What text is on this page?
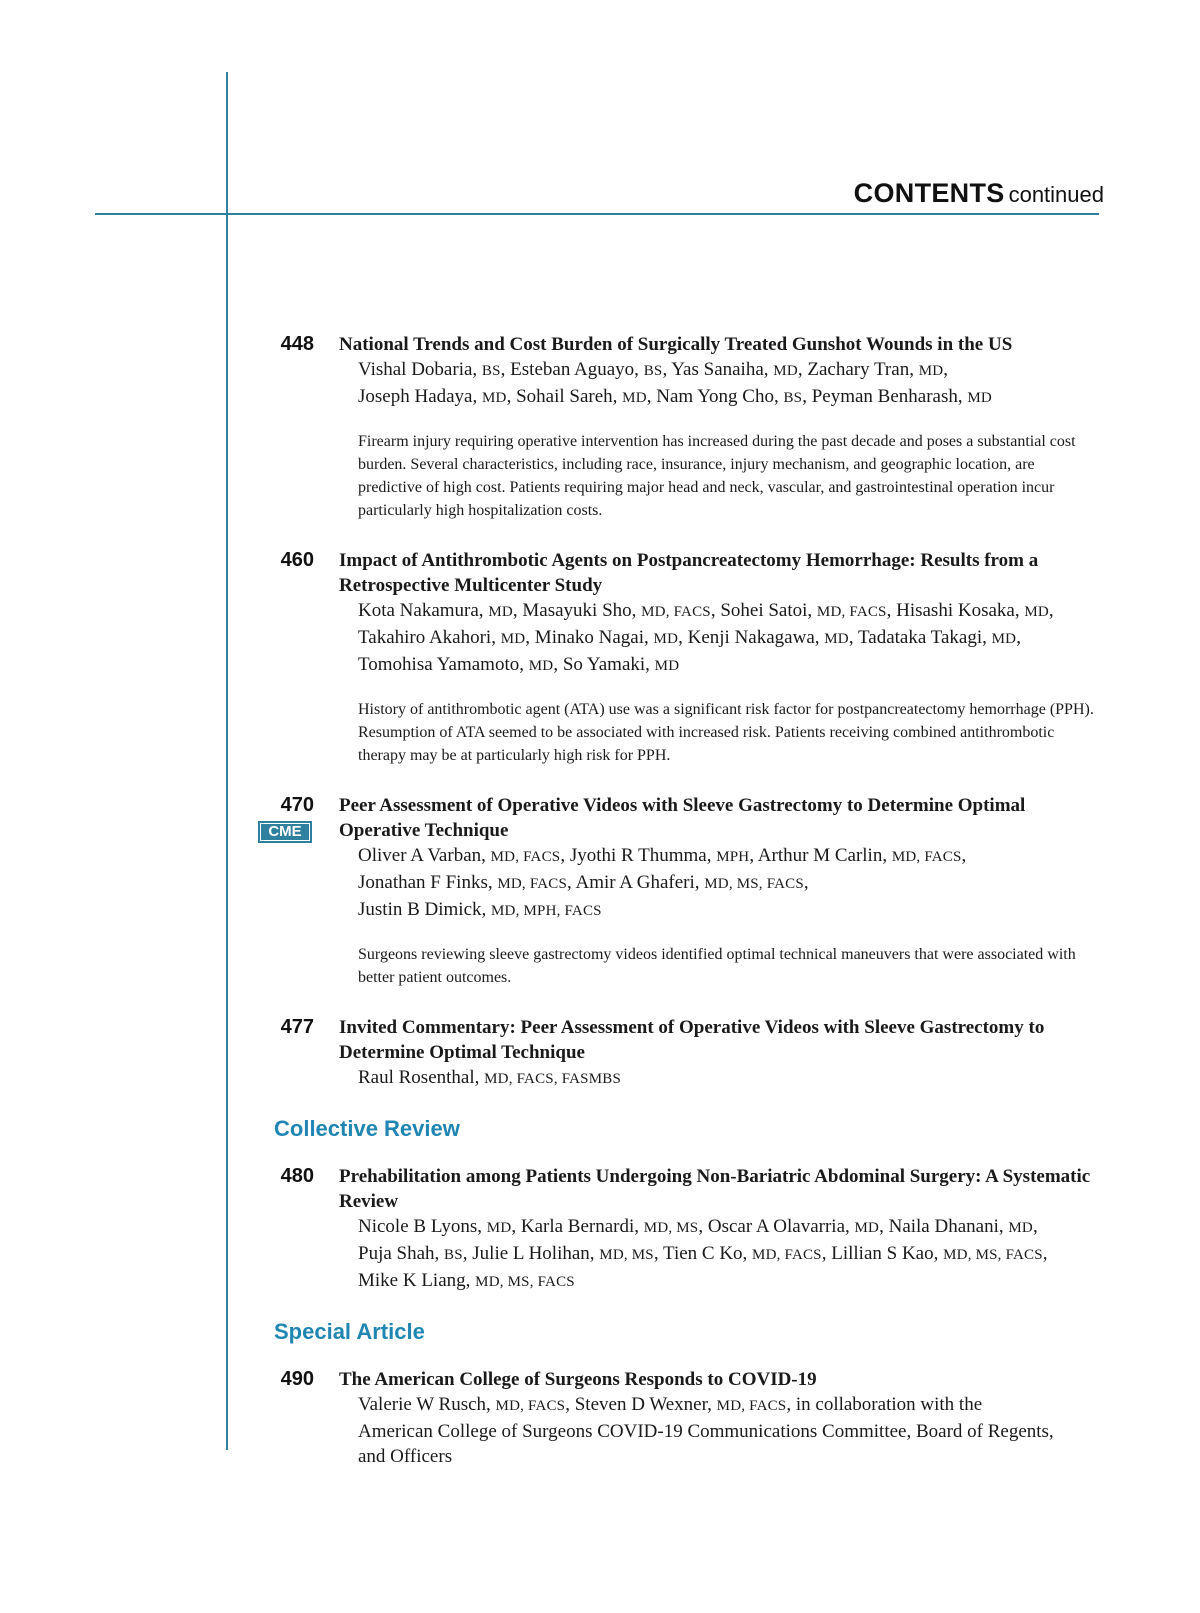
CONTENTS continued
448 National Trends and Cost Burden of Surgically Treated Gunshot Wounds in the US
Vishal Dobaria, BS, Esteban Aguayo, BS, Yas Sanaiha, MD, Zachary Tran, MD,
Joseph Hadaya, MD, Sohail Sareh, MD, Nam Yong Cho, BS, Peyman Benharash, MD
Firearm injury requiring operative intervention has increased during the past decade and poses a substantial cost burden. Several characteristics, including race, insurance, injury mechanism, and geographic location, are predictive of high cost. Patients requiring major head and neck, vascular, and gastrointestinal operation incur particularly high hospitalization costs.
460 Impact of Antithrombotic Agents on Postpancreatectomy Hemorrhage: Results from a Retrospective Multicenter Study
Kota Nakamura, MD, Masayuki Sho, MD, FACS, Sohei Satoi, MD, FACS, Hisashi Kosaka, MD,
Takahiro Akahori, MD, Minako Nagai, MD, Kenji Nakagawa, MD, Tadataka Takagi, MD,
Tomohisa Yamamoto, MD, So Yamaki, MD
History of antithrombotic agent (ATA) use was a significant risk factor for postpancreatectomy hemorrhage (PPH). Resumption of ATA seemed to be associated with increased risk. Patients receiving combined antithrombotic therapy may be at particularly high risk for PPH.
470
CME
Peer Assessment of Operative Videos with Sleeve Gastrectomy to Determine Optimal Operative Technique
Oliver A Varban, MD, FACS, Jyothi R Thumma, MPH, Arthur M Carlin, MD, FACS,
Jonathan F Finks, MD, FACS, Amir A Ghaferi, MD, MS, FACS,
Justin B Dimick, MD, MPH, FACS
Surgeons reviewing sleeve gastrectomy videos identified optimal technical maneuvers that were associated with better patient outcomes.
477 Invited Commentary: Peer Assessment of Operative Videos with Sleeve Gastrectomy to Determine Optimal Technique
Raul Rosenthal, MD, FACS, FASMBS
Collective Review
480 Prehabilitation among Patients Undergoing Non-Bariatric Abdominal Surgery: A Systematic Review
Nicole B Lyons, MD, Karla Bernardi, MD, MS, Oscar A Olavarria, MD, Naila Dhanani, MD,
Puja Shah, BS, Julie L Holihan, MD, MS, Tien C Ko, MD, FACS, Lillian S Kao, MD, MS, FACS,
Mike K Liang, MD, MS, FACS
Special Article
490 The American College of Surgeons Responds to COVID-19
Valerie W Rusch, MD, FACS, Steven D Wexner, MD, FACS, in collaboration with the
American College of Surgeons COVID-19 Communications Committee, Board of Regents,
and Officers
